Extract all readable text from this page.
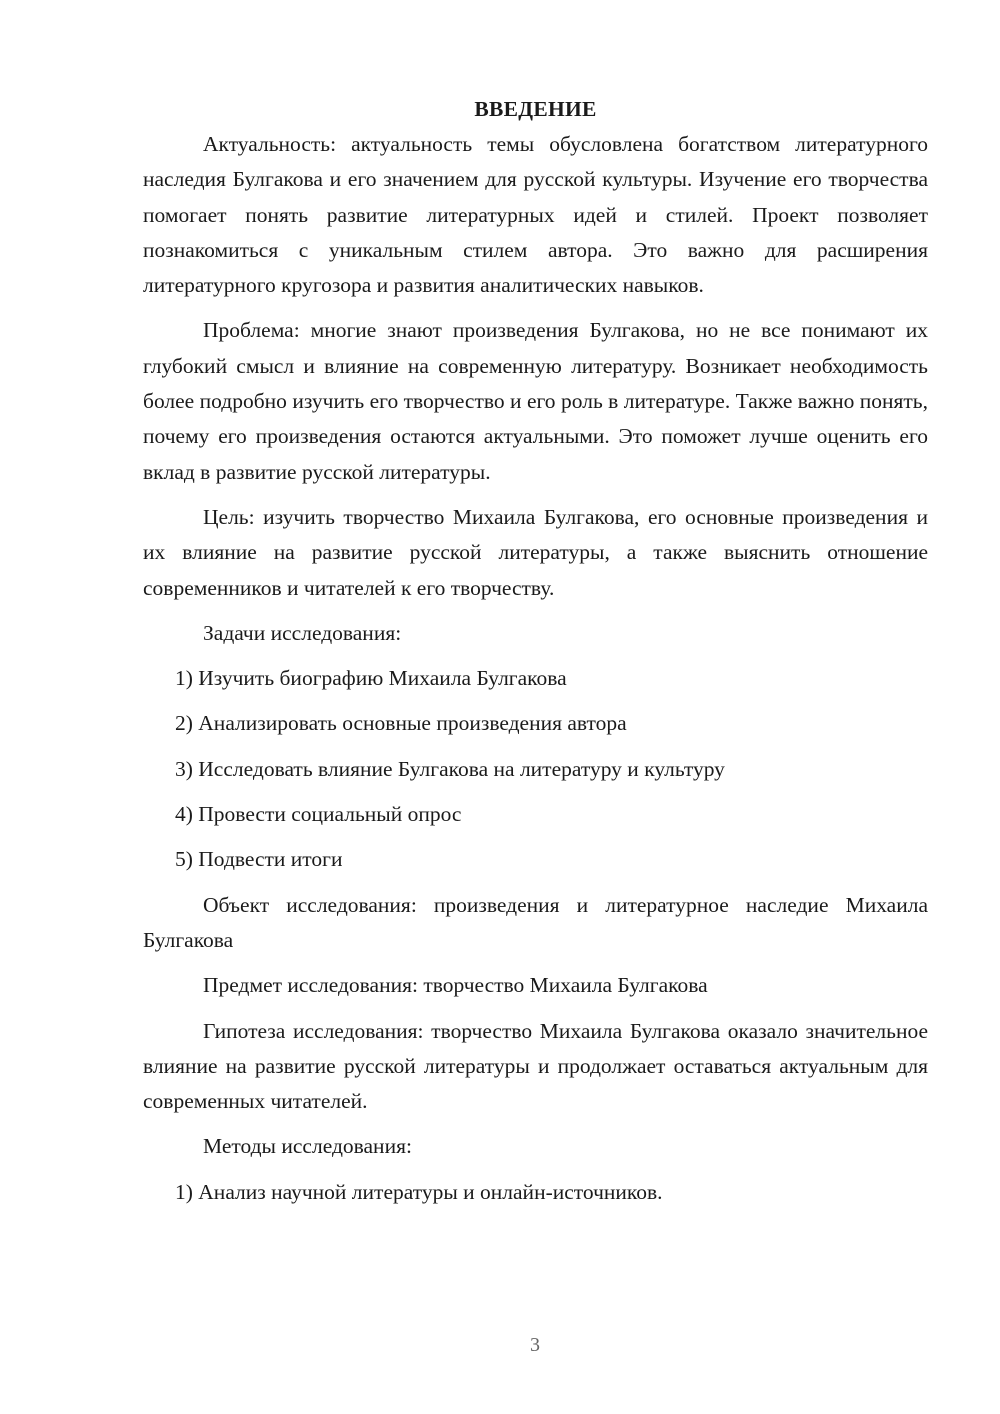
ВВЕДЕНИЕ

Актуальность: актуальность темы обусловлена богатством литературного наследия Булгакова и его значением для русской культуры. Изучение его творчества помогает понять развитие литературных идей и стилей. Проект позволяет познакомиться с уникальным стилем автора. Это важно для расширения литературного кругозора и развития аналитических навыков.

Проблема: многие знают произведения Булгакова, но не все понимают их глубокий смысл и влияние на современную литературу. Возникает необходимость более подробно изучить его творчество и его роль в литературе. Также важно понять, почему его произведения остаются актуальными. Это поможет лучше оценить его вклад в развитие русской литературы.

Цель: изучить творчество Михаила Булгакова, его основные произведения и их влияние на развитие русской литературы, а также выяснить отношение современников и читателей к его творчеству.

Задачи исследования:

1) Изучить биографию Михаила Булгакова

2) Анализировать основные произведения автора

3) Исследовать влияние Булгакова на литературу и культуру

4) Провести социальный опрос

5) Подвести итоги

Объект исследования: произведения и литературное наследие Михаила Булгакова

Предмет исследования: творчество Михаила Булгакова

Гипотеза исследования: творчество Михаила Булгакова оказало значительное влияние на развитие русской литературы и продолжает оставаться актуальным для современных читателей.

Методы исследования:

1) Анализ научной литературы и онлайн-источников.

3
